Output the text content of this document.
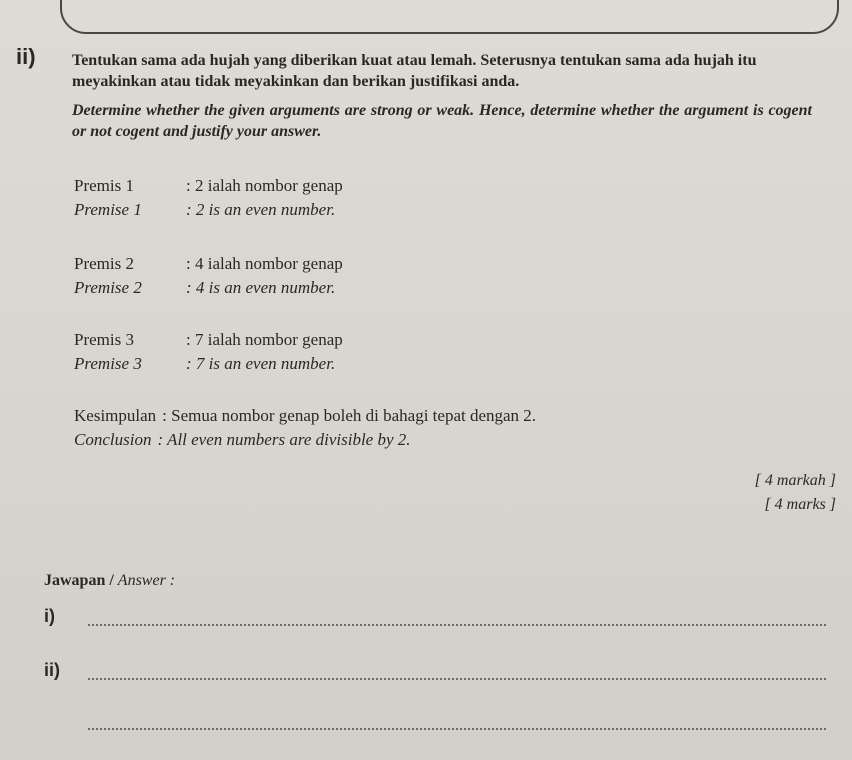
ii) Tentukan sama ada hujah yang diberikan kuat atau lemah. Seterusnya tentukan sama ada hujah itu meyakinkan atau tidak meyakinkan dan berikan justifikasi anda.
Determine whether the given arguments are strong or weak. Hence, determine whether the argument is cogent or not cogent and justify your answer.
Premis 1	: 2 ialah nombor genap
Premise 1	: 2 is an even number.
Premis 2	: 4 ialah nombor genap
Premise 2	: 4 is an even number.
Premis 3	: 7 ialah nombor genap
Premise 3	: 7 is an even number.
Kesimpulan : Semua nombor genap boleh di bahagi tepat dengan 2.
Conclusion : All even numbers are divisible by 2.
[ 4 markah ]
[ 4 marks ]
Jawapan / Answer :
i)
ii)
